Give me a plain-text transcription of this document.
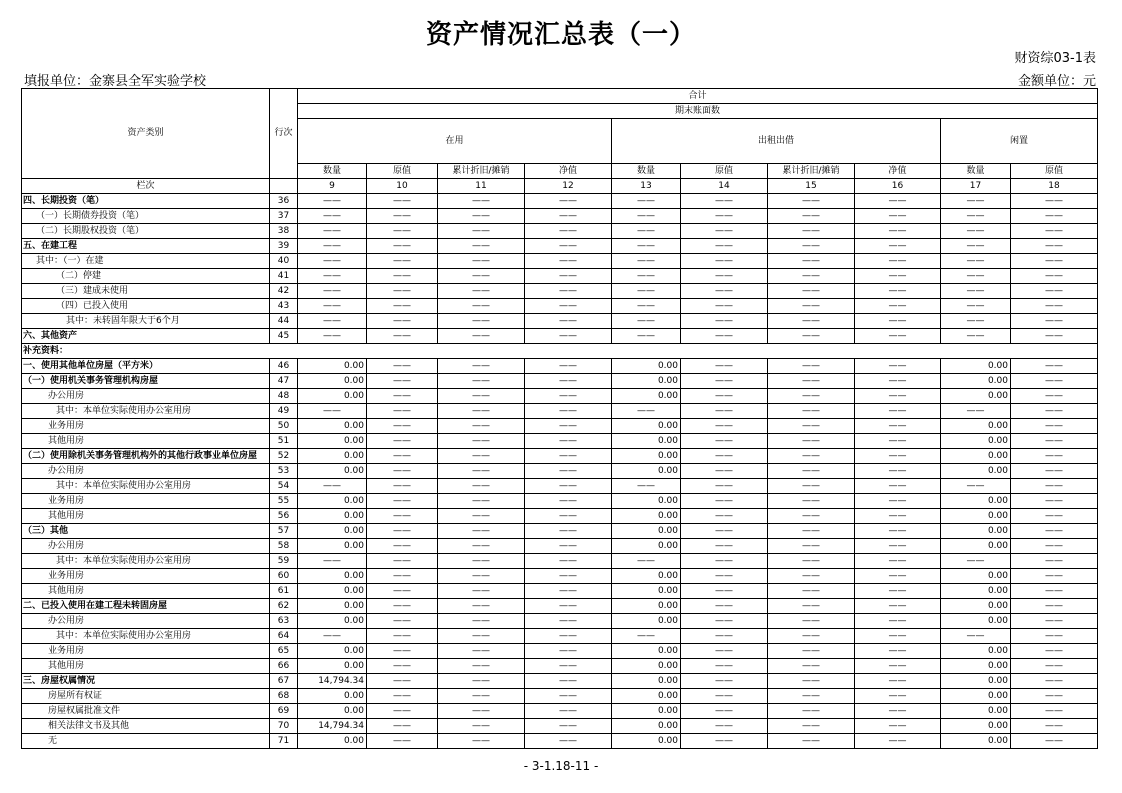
资产情况汇总表（一）
财资综03-1表
填报单位：金寨县全军实验学校	金额单位：元
资产类别	行次	合计									
		期末账面数									
		在用				出租出借				闲置	

		数量	原值	累计折旧/摊销	净值	数量	原值	累计折旧/摊销	净值	数量	原值
栏次		9	10	11	12	13	14	15	16	17	18
四、长期投资（笔）	36	——	——	——	——	——	——	——	——	——	——
（一）长期债券投资（笔）	37	——	——	——	——	——	——	——	——	——	——
（二）长期股权投资（笔）	38	——	——	——	——	——	——	——	——	——	——
五、在建工程	39	——	——	——	——	——	——	——	——	——	——
其中：（一）在建	40	——	——	——	——	——	——	——	——	——	——
（二）停建	41	——	——	——	——	——	——	——	——	——	——
（三）建成未使用	42	——	——	——	——	——	——	——	——	——	——
（四）已投入使用	43	——	——	——	——	——	——	——	——	——	——
其中：未转固年限大于6个月	44	——	——	——	——	——	——	——	——	——	——
六、其他资产	45	——	——	——	——	——	——	——	——	——	——
补充资料：											
一、使用其他单位房屋（平方米）	46	0.00	——	——	——	0.00	——	——	——	0.00	——
（一）使用机关事务管理机构房屋	47	0.00	——	——	——	0.00	——	——	——	0.00	——
办公用房	48	0.00	——	——	——	0.00	——	——	——	0.00	——
其中：本单位实际使用办公室用房	49	——	——	——	——	——	——	——	——	——	——
业务用房	50	0.00	——	——	——	0.00	——	——	——	0.00	——
其他用房	51	0.00	——	——	——	0.00	——	——	——	0.00	——
（二）使用除机关事务管理机构外的其他行政事业单位房屋	52	0.00	——	——	——	0.00	——	——	——	0.00	——
办公用房	53	0.00	——	——	——	0.00	——	——	——	0.00	——
其中：本单位实际使用办公室用房	54	——	——	——	——	——	——	——	——	——	——
业务用房	55	0.00	——	——	——	0.00	——	——	——	0.00	——
其他用房	56	0.00	——	——	——	0.00	——	——	——	0.00	——
（三）其他	57	0.00	——	——	——	0.00	——	——	——	0.00	——
办公用房	58	0.00	——	——	——	0.00	——	——	——	0.00	——
其中：本单位实际使用办公室用房	59	——	——	——	——	——	——	——	——	——	——
业务用房	60	0.00	——	——	——	0.00	——	——	——	0.00	——
其他用房	61	0.00	——	——	——	0.00	——	——	——	0.00	——
二、已投入使用在建工程未转固房屋	62	0.00	——	——	——	0.00	——	——	——	0.00	——
办公用房	63	0.00	——	——	——	0.00	——	——	——	0.00	——
其中：本单位实际使用办公室用房	64	——	——	——	——	——	——	——	——	——	——
业务用房	65	0.00	——	——	——	0.00	——	——	——	0.00	——
其他用房	66	0.00	——	——	——	0.00	——	——	——	0.00	——
三、房屋权属情况	67	14,794.34	——	——	——	0.00	——	——	——	0.00	——
房屋所有权证	68	0.00	——	——	——	0.00	——	——	——	0.00	——
房屋权属批准文件	69	0.00	——	——	——	0.00	——	——	——	0.00	——
相关法律文书及其他	70	14,794.34	——	——	——	0.00	——	——	——	0.00	——
无	71	0.00	——	——	——	0.00	——	——	——	0.00	——
- 3-1.18-11 -
